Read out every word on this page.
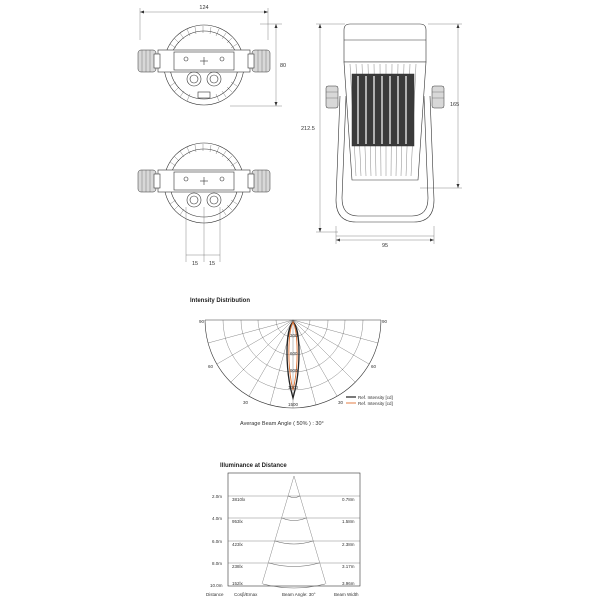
124
80
15 15
212.5
165
95
Intensity Distribution
300
600
900
1200
1500
90	90
60	60
30	30
Ref. Intensity [cd]
Ref. Intensity [cd]
Average Beam Angle ( 50% ) : 30°
Illuminance at Distance
2.0m
4.0m
6.0m
8.0m
10.0m
3810lx
953lx
423lx
238lx
152lx
0.78m
1.58m
2.38m
3.17m
3.96m
Distance Cosβ/Emax	Beam Angle: 30°	Beam Width
